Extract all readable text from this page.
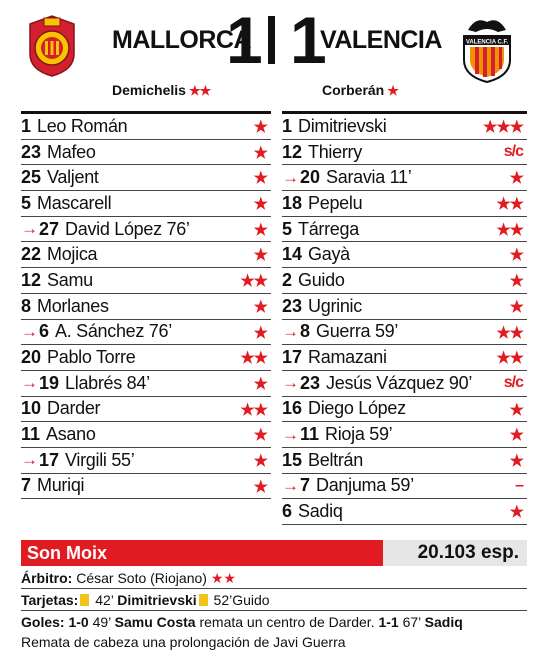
MALLORCA
1 1
VALENCIA	VALENCIA C.F.
Demichelis ★★	Corberán ★
1 Leo Román	★
23 Mafeo	★
25 Valjent	★
5 Mascarell	★
→ 27 David López 76’	★
22 Mojica	★
12 Samu	★★
8 Morlanes	★
→ 6 A. Sánchez 76’	★
20 Pablo Torre	★★
→ 19 Llabrés 84’	★
10 Darder	★★
11 Asano	★
→ 17 Virgili 55’	★
7 Muriqi	★
1 Dimitrievski	★★★
12 Thierry	s/c
→ 20 Saravia 11’	★
18 Pepelu	★★
5 Tárrega	★★
14 Gayà	★
2 Guido	★
23 Ugrinic	★
→ 8 Guerra 59’	★★
17 Ramazani	★★
→ 23 Jesús Vázquez 90’ s/c
16 Diego López	★
→ 11 Rioja 59’	★
15 Beltrán	★
→ 7 Danjuma 59’	–
6 Sadiq	★
Son Moix	20.103 esp.
Árbitro: César Soto (Riojano) ★★
Tarjetas: 42’ Dimitrievski 52’Guido
Goles: 1-0 49’ Samu Costa remata un centro de Darder. 1-1 67’ Sadiq
Remata de cabeza una prolongación de Javi Guerra
